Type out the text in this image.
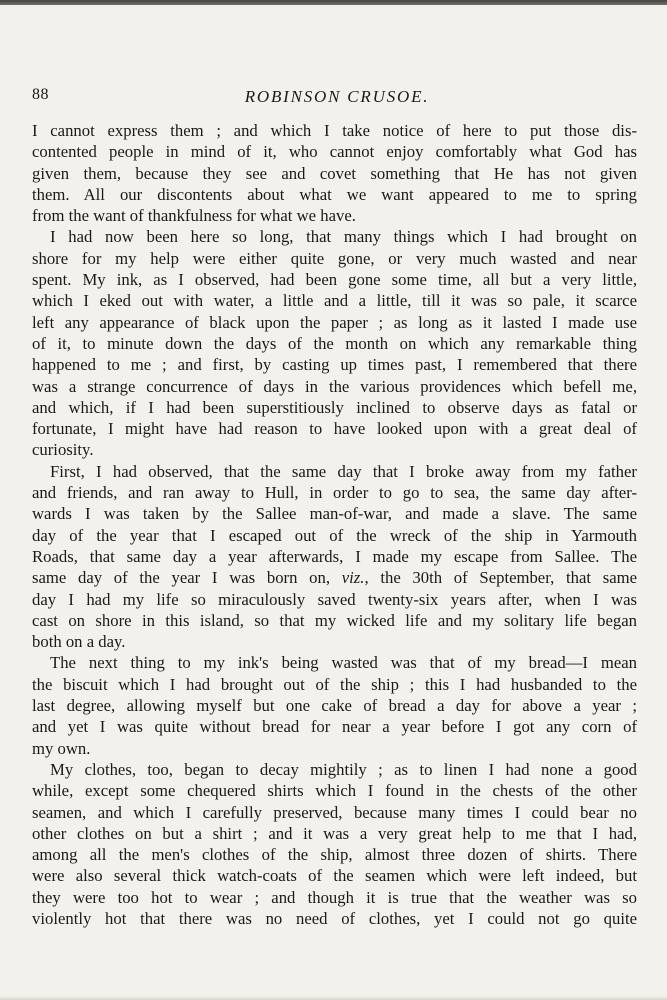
88	ROBINSON CRUSOE.

I cannot express them ; and which I take notice of here to put those dis-

contented people in mind of it, who cannot enjoy comfortably what God has

given them, because they see and covet something that He has not given

them. All our discontents about what we want appeared to me to spring

from the want of thankfulness for what we have.

I had now been here so long, that many things which I had brought on

shore for my help were either quite gone, or very much wasted and near

spent. My ink, as I observed, had been gone some time, all but a very little,

which I eked out with water, a little and a little, till it was so pale, it scarce

left any appearance of black upon the paper ; as long as it lasted I made use

of it, to minute down the days of the month on which any remarkable thing

happened to me ; and first, by casting up times past, I remembered that there

was a strange concurrence of days in the various providences which befell me,

and which, if I had been superstitiously inclined to observe days as fatal or

fortunate, I might have had reason to have looked upon with a great deal of

curiosity.

First, I had observed, that the same day that I broke away from my father

and friends, and ran away to Hull, in order to go to sea, the same day after-

wards I was taken by the Sallee man-of-war, and made a slave. The same

day of the year that I escaped out of the wreck of the ship in Yarmouth

Roads, that same day a year afterwards, I made my escape from Sallee. The

same day of the year I was born on, viz., the 30th of September, that same

day I had my life so miraculously saved twenty-six years after, when I was

cast on shore in this island, so that my wicked life and my solitary life began

both on a day.

The next thing to my ink's being wasted was that of my bread—I mean

the biscuit which I had brought out of the ship ; this I had husbanded to the

last degree, allowing myself but one cake of bread a day for above a year ;

and yet I was quite without bread for near a year before I got any corn of

my own.

My clothes, too, began to decay mightily ; as to linen I had none a good

while, except some chequered shirts which I found in the chests of the other

seamen, and which I carefully preserved, because many times I could bear no

other clothes on but a shirt ; and it was a very great help to me that I had,

among all the men's clothes of the ship, almost three dozen of shirts. There

were also several thick watch-coats of the seamen which were left indeed, but

they were too hot to wear ; and though it is true that the weather was so

violently hot that there was no need of clothes, yet I could not go quite
